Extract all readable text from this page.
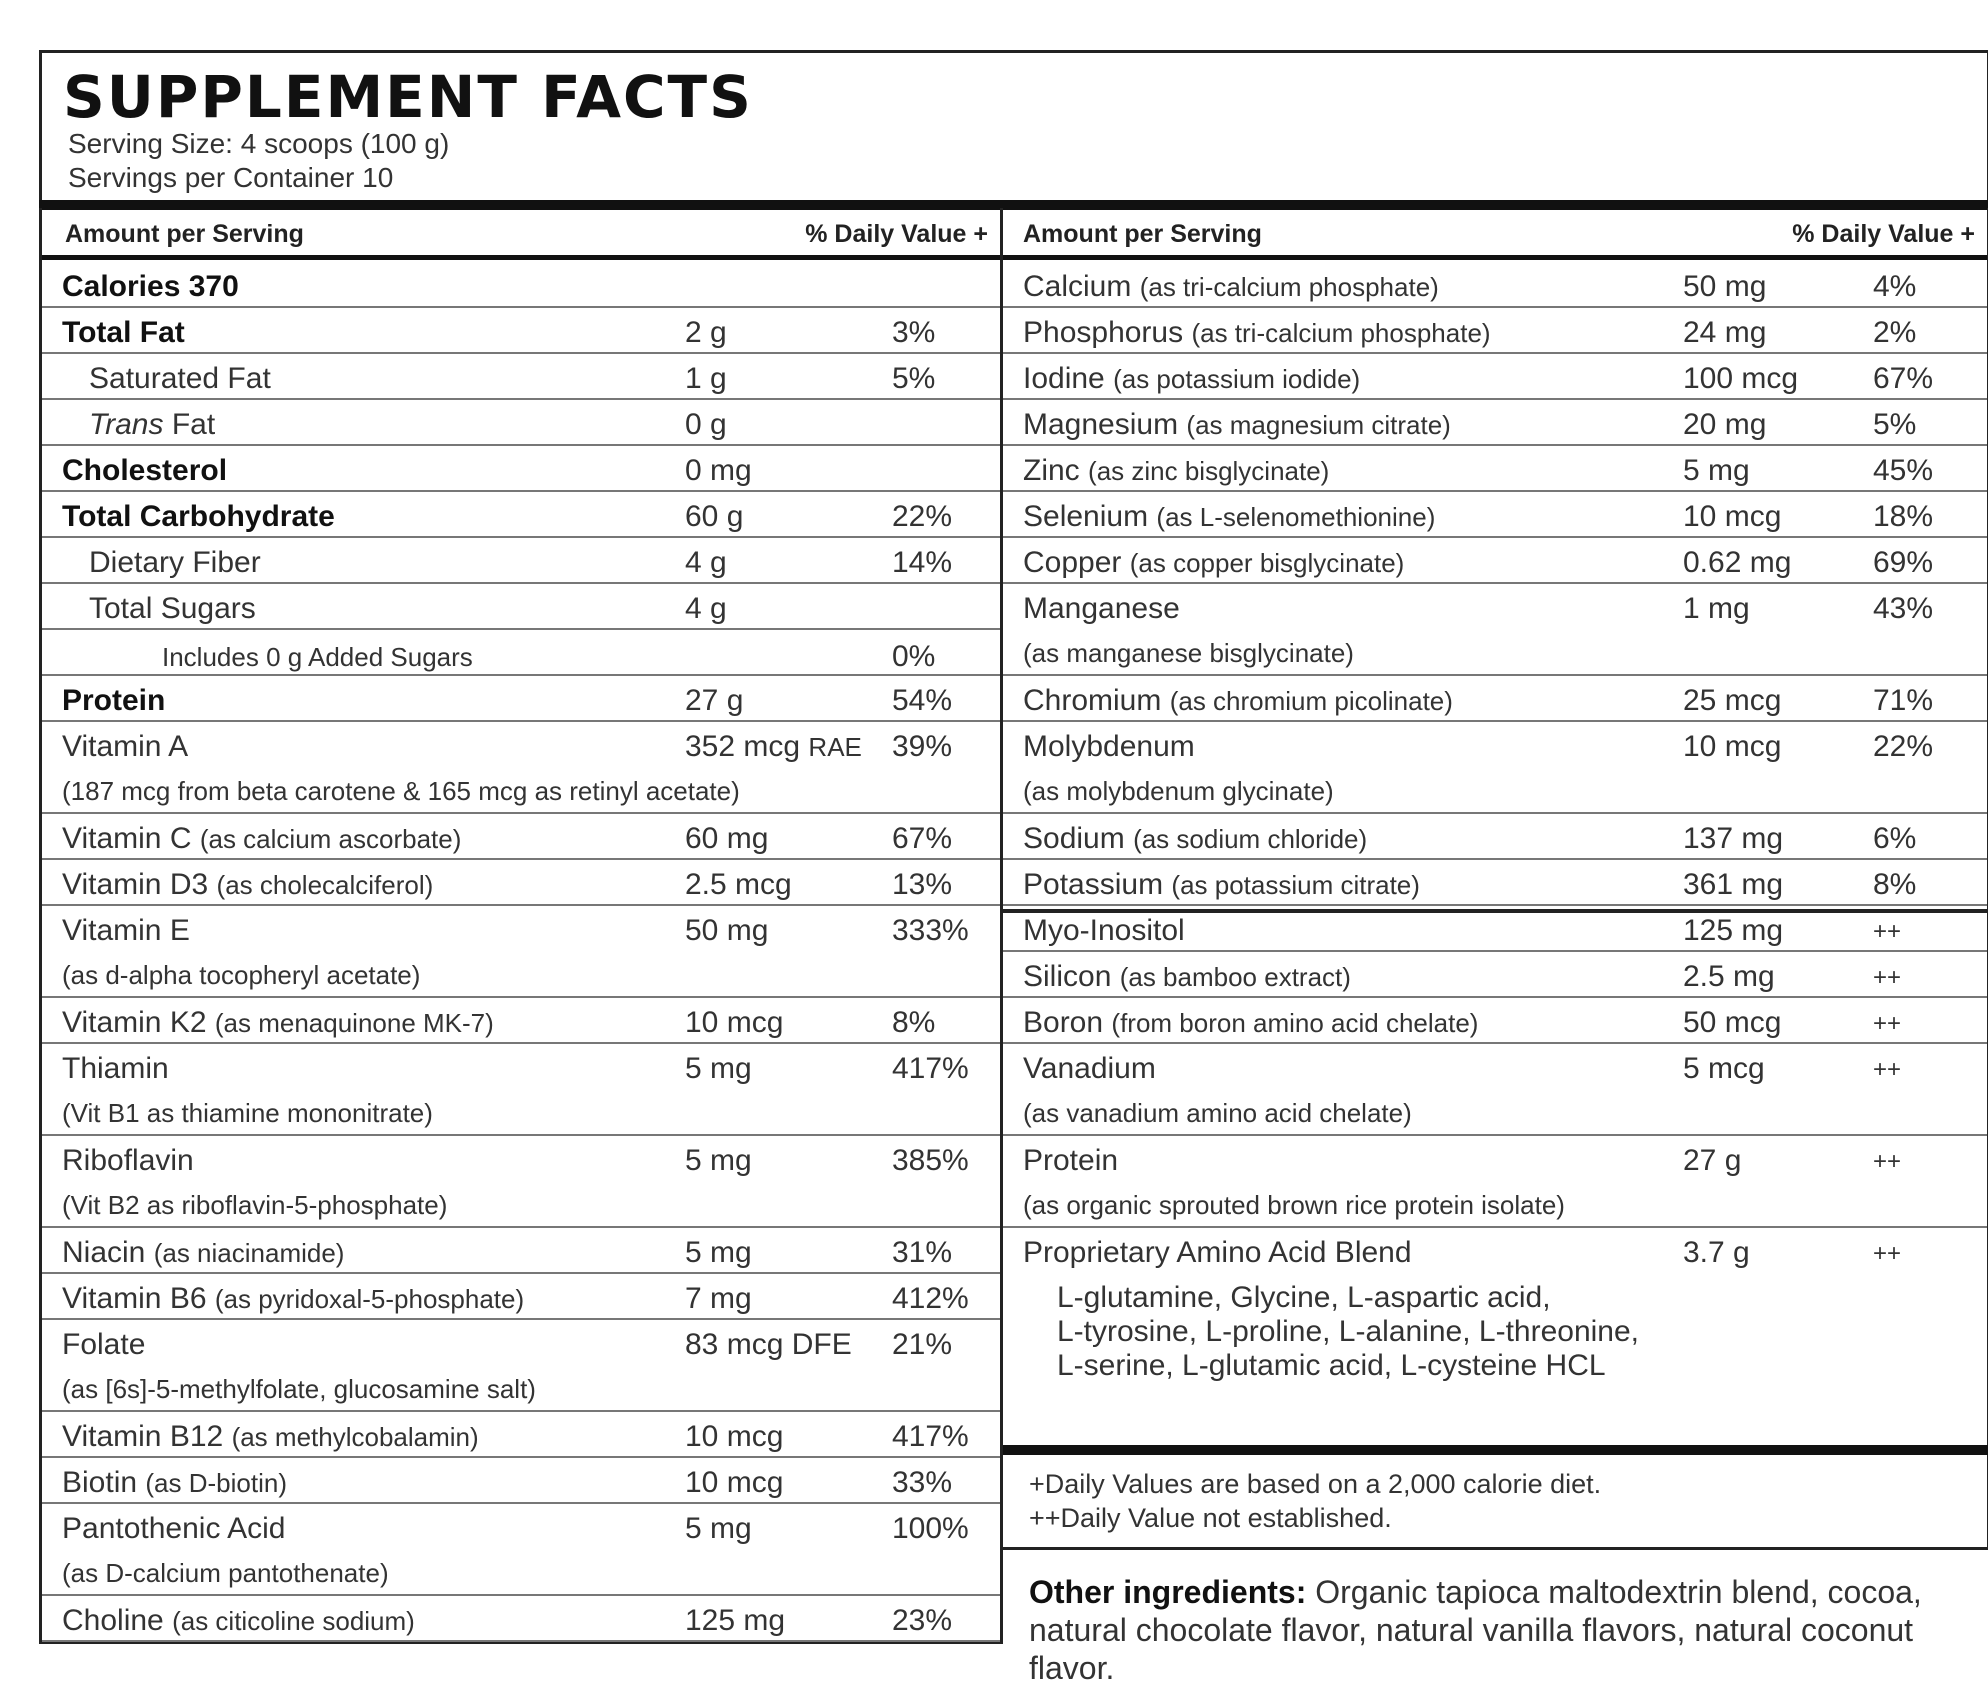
SUPPLEMENT FACTS
Serving Size: 4 scoops (100 g)
Servings per Container 10
Amount per Serving	% Daily Value + Amount per Serving	% Daily Value +
L-glutamine, Glycine, L-aspartic acid,
L-tyrosine, L-proline, L-alanine, L-threonine,
L-serine, L-glutamic acid, L-cysteine HCL
+Daily Values are based on a 2,000 calorie diet.
++Daily Value not established.
Other ingredients: Organic tapioca maltodextrin blend, cocoa, natural chocolate flavor, natural vanilla flavors, natural coconut flavor.
Calories 370
Total Fat	2 g	3%
Saturated Fat	1 g	5%
Trans Fat	0 g
Cholesterol	0 mg
Total Carbohydrate	60 g	22%
Dietary Fiber	4 g	14%
Total Sugars	4 g
Includes 0 g Added Sugars	0%
Protein	27 g	54%
Vitamin A	352 mcg RAE 39%
(187 mcg from beta carotene & 165 mcg as retinyl acetate)
Vitamin C (as calcium ascorbate)	60 mg	67%
Vitamin D3 (as cholecalciferol)	2.5 mcg	13%
Vitamin E	50 mg	333%
(as d-alpha tocopheryl acetate)
Vitamin K2 (as menaquinone MK-7)	10 mcg	8%
Thiamin	5 mg	417%
(Vit B1 as thiamine mononitrate)
Riboflavin	5 mg	385%
(Vit B2 as riboflavin-5-phosphate)
Niacin (as niacinamide)	5 mg	31%
Vitamin B6 (as pyridoxal-5-phosphate)	7 mg	412%
Folate	83 mcg DFE 21%
(as [6s]-5-methylfolate, glucosamine salt)
Vitamin B12 (as methylcobalamin)	10 mcg	417%
Biotin (as D-biotin)	10 mcg	33%
Pantothenic Acid	5 mg	100%
(as D-calcium pantothenate)
Choline (as citicoline sodium)	125 mg	23%
Calcium (as tri-calcium phosphate)	50 mg	4%
Phosphorus (as tri-calcium phosphate)	24 mg	2%
Iodine (as potassium iodide)	100 mcg 67%
Magnesium (as magnesium citrate)	20 mg	5%
Zinc (as zinc bisglycinate)	5 mg	45%
Selenium (as L-selenomethionine)	10 mcg	18%
Copper (as copper bisglycinate)	0.62 mg	69%
Manganese	1 mg	43%
(as manganese bisglycinate)
Chromium (as chromium picolinate)	25 mcg	71%
Molybdenum	10 mcg	22%
(as molybdenum glycinate)
Sodium (as sodium chloride)	137 mg	6%
Potassium (as potassium citrate)	361 mg	8%
Myo-Inositol	125 mg	++
Silicon (as bamboo extract)	2.5 mg	++
Boron (from boron amino acid chelate)	50 mcg	++
Vanadium	5 mcg	++
(as vanadium amino acid chelate)
Protein	27 g	++
(as organic sprouted brown rice protein isolate)
Proprietary Amino Acid Blend	3.7 g	++
